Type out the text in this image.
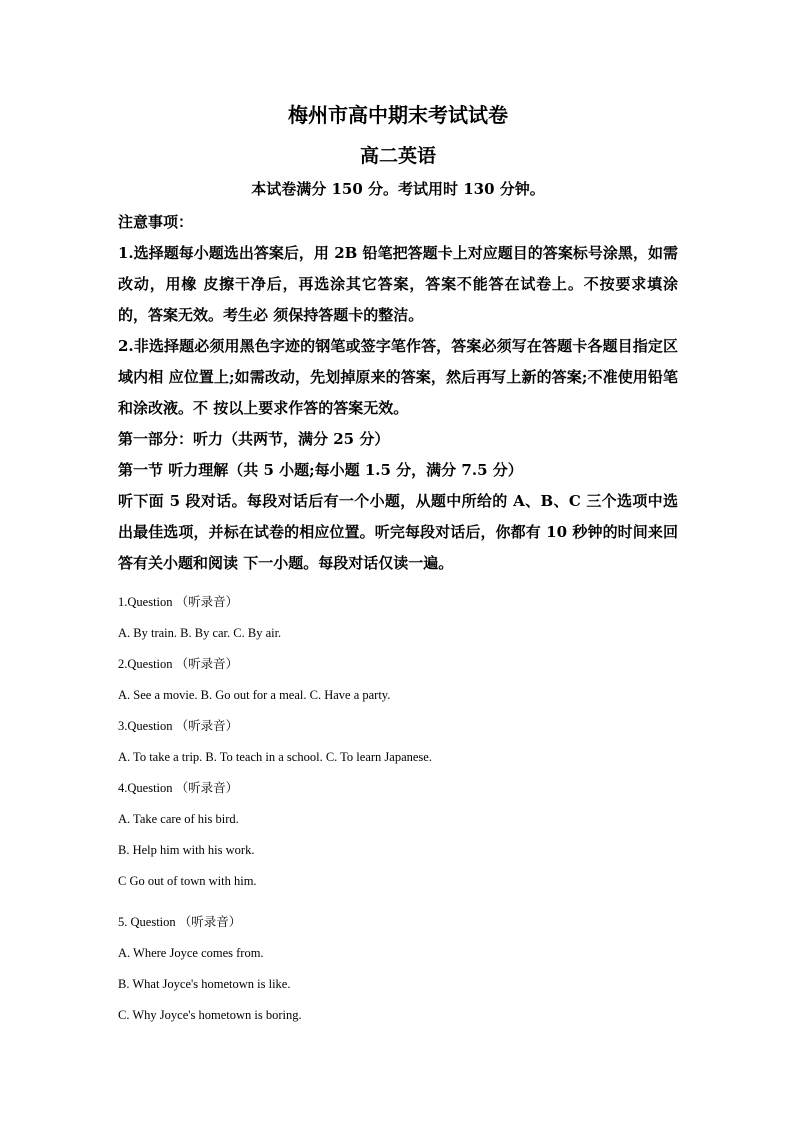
梅州市高中期末考试试卷
高二英语
本试卷满分 150 分。考试用时 130 分钟。

注意事项：

1.选择题每小题选出答案后，用 2B 铅笔把答题卡上对应题目的答案标号涂黑，如需改动，用橡 皮擦干净后，再选涂其它答案，答案不能答在试卷上。不按要求填涂的，答案无效。考生必 须保持答题卡的整洁。

2.非选择题必须用黑色字迹的钢笔或签字笔作答，答案必须写在答题卡各题目指定区域内相 应位置上;如需改动，先划掉原来的答案，然后再写上新的答案;不准使用铅笔和涂改液。不 按以上要求作答的答案无效。

第一部分：听力（共两节，满分 25 分）

第一节 听力理解（共 5 小题;每小题 1.5 分，满分 7.5 分）

听下面 5 段对话。每段对话后有一个小题，从题中所给的 A、B、C 三个选项中选出最佳选项，并标在试卷的相应位置。听完每段对话后，你都有 10 秒钟的时间来回答有关小题和阅读 下一小题。每段对话仅读一遍。

1.Question （听录音）

A. By train. B. By car. C. By air.

2.Question （听录音）

A. See a movie. B. Go out for a meal. C. Have a party.

3.Question （听录音）

A. To take a trip. B. To teach in a school. C. To learn Japanese.

4.Question （听录音）

A. Take care of his bird.

B. Help him with his work.

C Go out of town with him.

5. Question （听录音）

A. Where Joyce comes from.

B. What Joyce's hometown is like.

C. Why Joyce's hometown is boring.
